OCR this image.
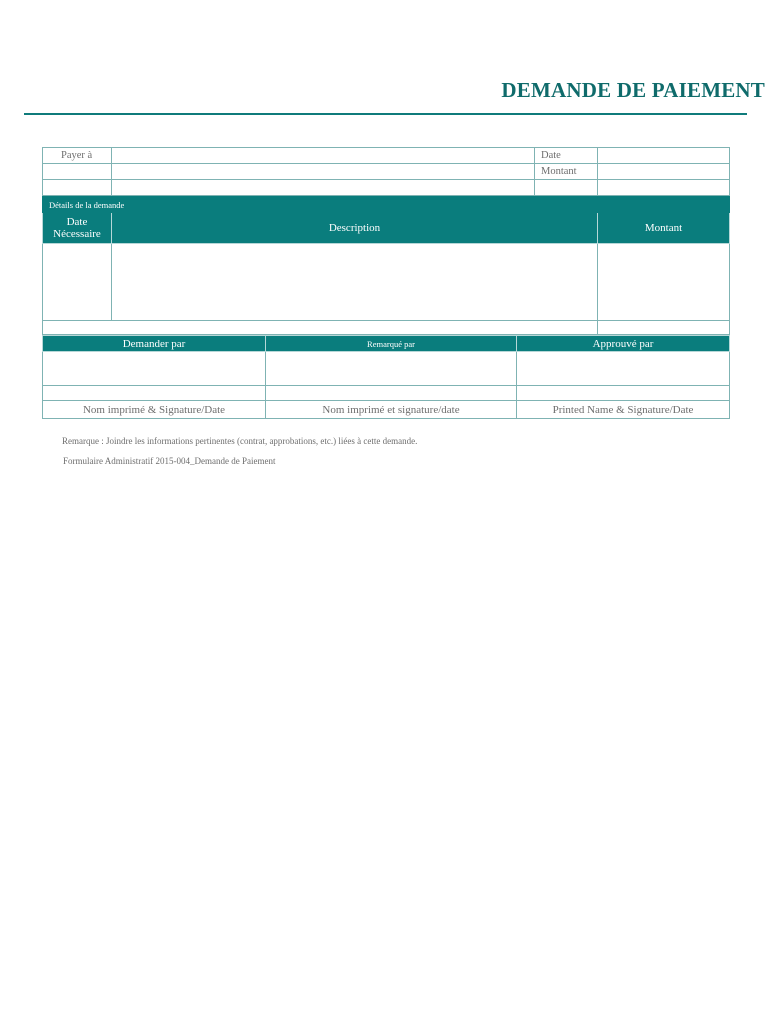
DEMANDE DE PAIEMENT
Payer à		Date	
		Montant	

Détails de la demande		
Date Nécessaire	Description	Montant

Demander par	Remarqué par	Approuvé par

Nom imprimé & Signature/Date	Nom imprimé et signature/date	Printed Name & Signature/Date
Remarque : Joindre les informations pertinentes (contrat, approbations, etc.) liées à cette demande.
Formulaire Administratif 2015-004_Demande de Paiement
